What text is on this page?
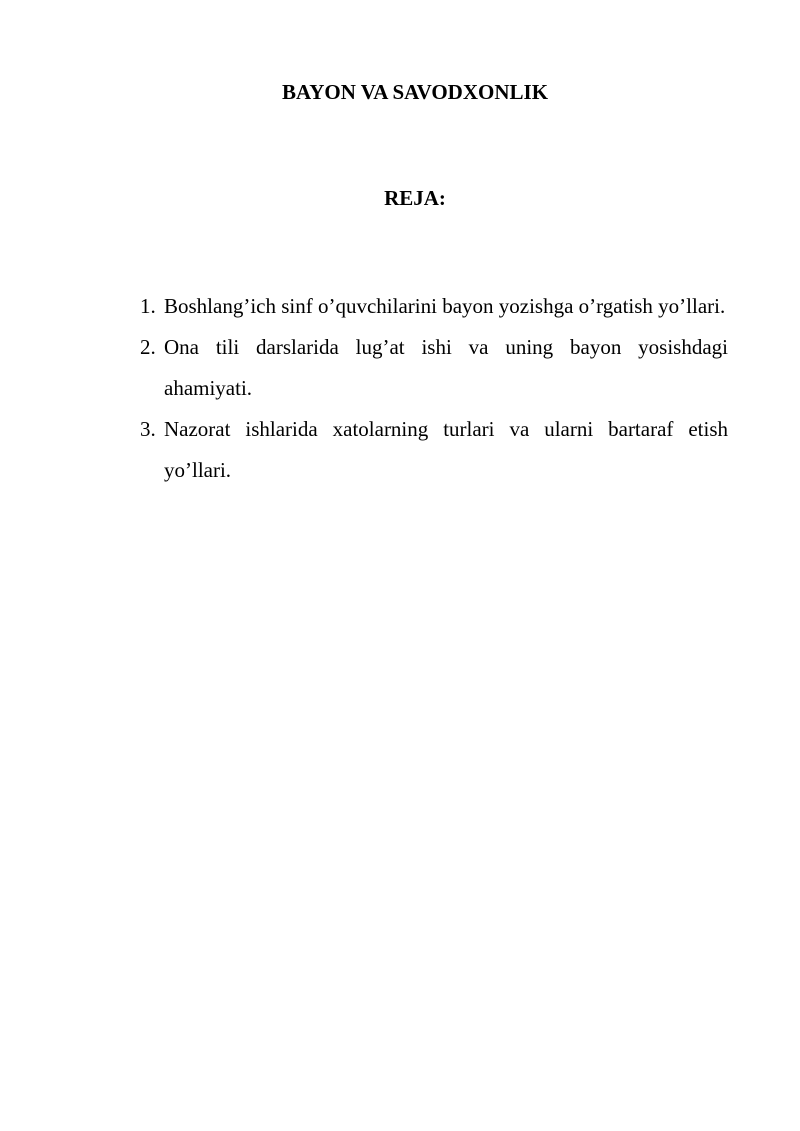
BAYON VA SAVODXONLIK
REJA:
1. Boshlang’ich sinf o’quvchilarini bayon yozishga o’rgatish yo’llari.
2. Ona tili darslarida lug’at ishi va uning bayon yosishdagi ahamiyati.
3. Nazorat ishlarida xatolarning turlari va ularni bartaraf etish yo’llari.
